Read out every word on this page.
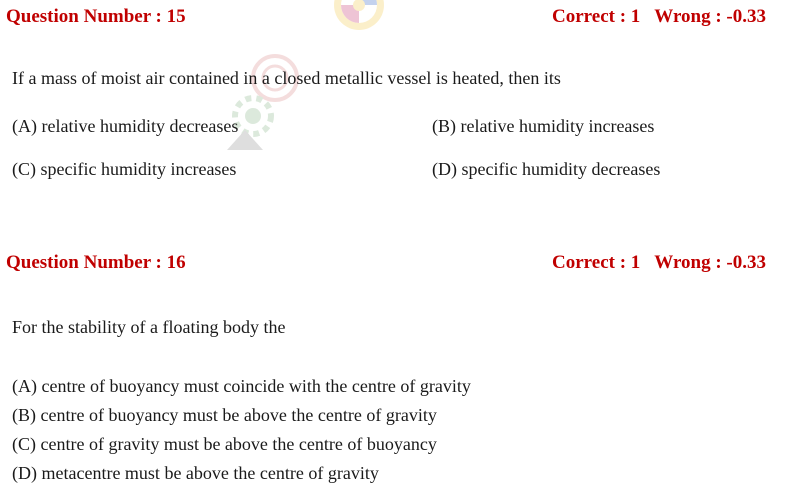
Question Number : 15	Correct : 1 Wrong : -0.33
If a mass of moist air contained in a closed metallic vessel is heated, then its
(A) relative humidity decreases	(B) relative humidity increases
(C) specific humidity increases	(D) specific humidity decreases
Question Number : 16	Correct : 1 Wrong : -0.33
For the stability of a floating body the
(A) centre of buoyancy must coincide with the centre of gravity
(B) centre of buoyancy must be above the centre of gravity
(C) centre of gravity must be above the centre of buoyancy
(D) metacentre must be above the centre of gravity
